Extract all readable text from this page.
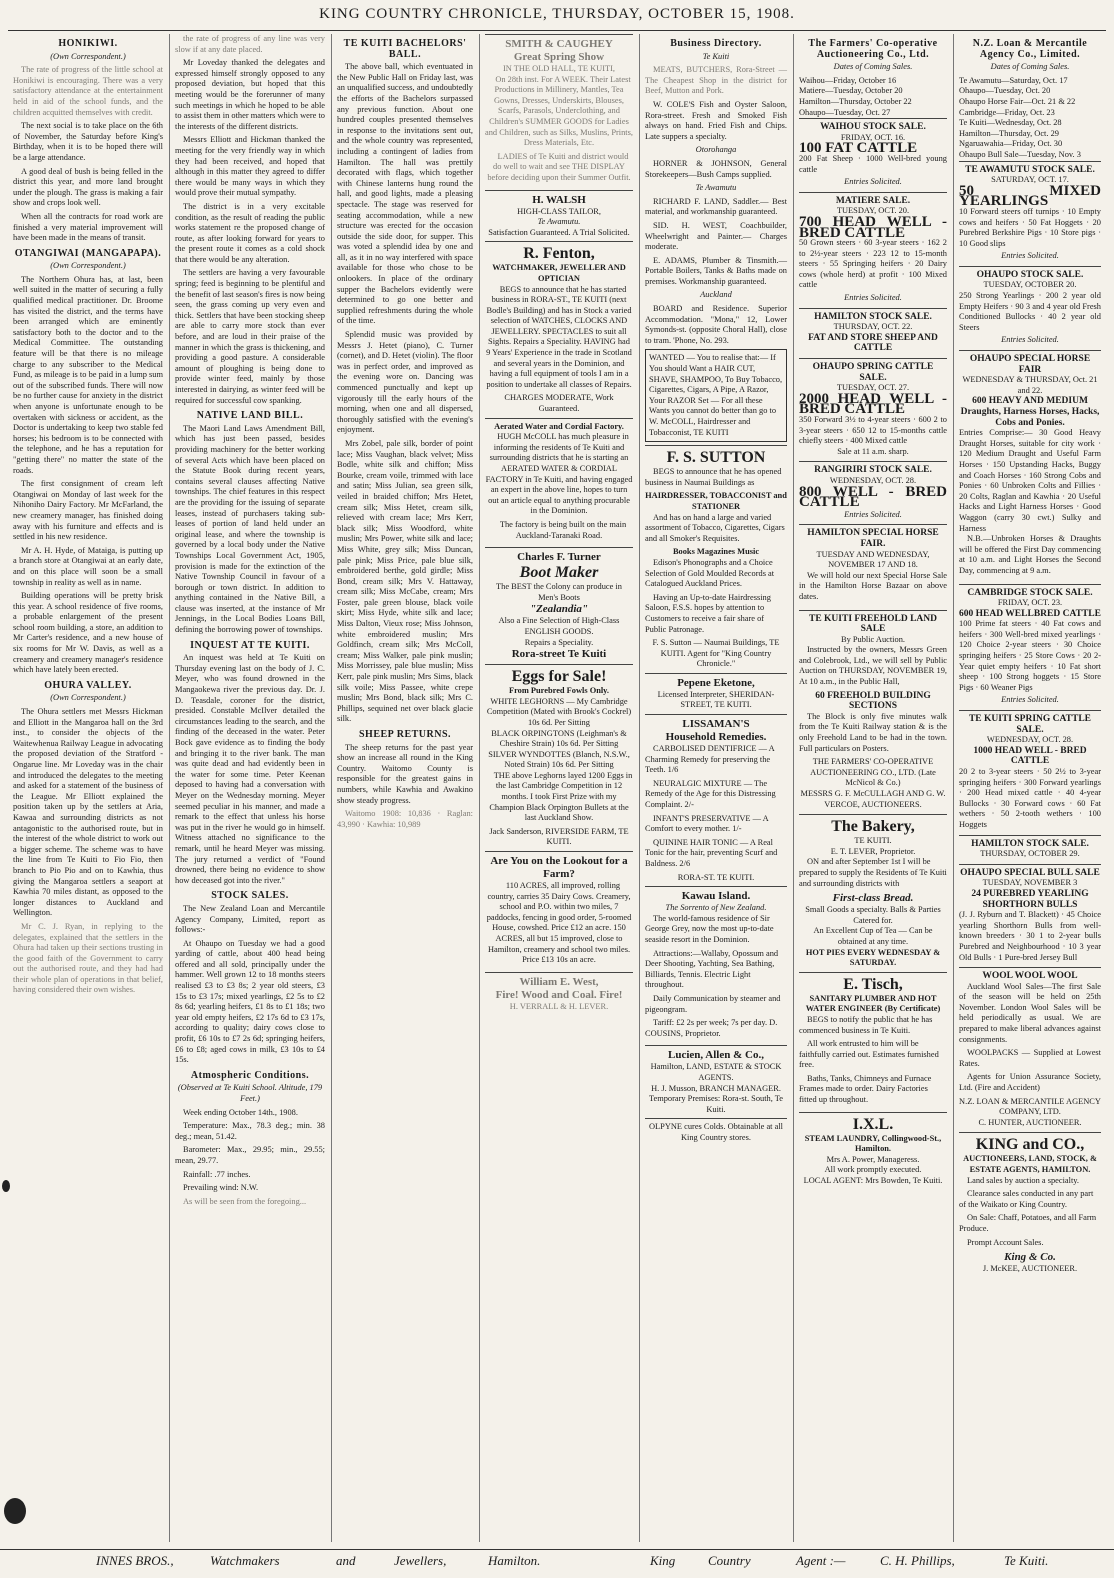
KING COUNTRY CHRONICLE, THURSDAY, OCTOBER 15, 1908.
HONIKIWI.
(Own Correspondent.)

The rate of progress of the little school at Honikiwi is encouraging. There was a very satisfactory attendance at the entertainment held in aid of the school funds, and the children acquitted themselves with credit.

The next social is to take place on the 6th of November, the Saturday before King's Birthday, when it is to be hoped there will be a large attendance.

A good deal of bush is being felled in the district this year, and more land brought under the plough. The grass is making a fair show and crops look well.

When all the contracts for road work are finished a very material improvement will have been made in the means of transit.

OTANGIWAI (MANGAPAPA).
(Own Correspondent.)

The Northern Ohura has, at last, been well suited in the matter of securing a fully qualified medical practitioner. Dr. Broome has visited the district, and the terms have been arranged which are eminently satisfactory both to the doctor and to the Medical Committee. The outstanding feature will be that there is no mileage charge to any subscriber to the Medical Fund, as mileage is to be paid in a lump sum out of the subscribed funds. There will now be no further cause for anxiety in the district when anyone is unfortunate enough to be overtaken with sickness or accident, as the Doctor is undertaking to keep two stable fed horses; his bedroom is to be connected with the telephone, and he has a reputation for "getting there" no matter the state of the roads.

The first consignment of cream left Otangiwai on Monday of last week for the Nihoniho Dairy Factory. Mr McFarland, the new creamery manager, has finished doing away with his furniture and effects and is settled in his new residence.

Mr A. H. Hyde, of Mataiga, is putting up a branch store at Otangiwai at an early date, and on this place will soon be a small township in reality as well as in name.

Building operations will be pretty brisk this year. A school residence of five rooms, a probable enlargement of the present school room building, a store, an addition to Mr Carter's residence, and a new house of six rooms for Mr W. Davis, as well as a creamery and creamery manager's residence which have lately been erected.

OHURA VALLEY.
(Own Correspondent.)

The Ohura settlers met Messrs Hickman and Elliott in the Mangaroa hall on the 3rd inst., to consider the objects of the Waitewhenua Railway League in advocating the proposed deviation of the Stratford - Ongarue line. Mr Loveday was in the chair and introduced the delegates to the meeting and asked for a statement of the business of the League. Mr Elliott explained the position taken up by the settlers at Aria, Kawaa and surrounding districts as not antagonistic to the authorised route, but in the interest of the whole district to work out a bigger scheme. The scheme was to have the line from Te Kuiti to Fio Fio, then branch to Pio Pio and on to Kawhia, thus giving the Mangaroa settlers a seaport at Kawhia 70 miles distant, as opposed to the longer distances to Auckland and Wellington.

Mr C. J. Ryan, in replying to the delegates, explained that the settlers in the Ohura had taken up their sections trusting in the good faith of the Government to carry out the authorised route, and they had had their whole plan of operations in that belief, having considered their own wishes.

the rate of progress of any line was very slow if at any date placed.

Mr Loveday thanked the delegates and expressed himself strongly opposed to any proposed deviation, but hoped that this meeting would be the forerunner of many such meetings in which he hoped to be able to assist them in other matters which were to the interests of the different districts.

Messrs Elliott and Hickman thanked the meeting for the very friendly way in which they had been received, and hoped that although in this matter they agreed to differ there would be many ways in which they would prove their mutual sympathy.

The district is in a very excitable condition, as the result of reading the public works statement re the proposed change of route, as after looking forward for years to the present route it comes as a cold shock that there would be any alteration.

The settlers are having a very favourable spring; feed is beginning to be plentiful and the benefit of last season's fires is now being seen, the grass coming up very even and thick. Settlers that have been stocking sheep are able to carry more stock than ever before, and are loud in their praise of the manner in which the grass is thickening, and providing a good pasture. A considerable amount of ploughing is being done to provide winter feed, mainly by those interested in dairying, as winter feed will be required for successful cow spanking.

NATIVE LAND BILL.

The Maori Land Laws Amendment Bill, which has just been passed, besides providing machinery for the better working of several Acts which have been placed on the Statute Book during recent years, contains several clauses affecting Native townships. The chief features in this respect are the providing for the issuing of separate leases, instead of purchasers taking sub-leases of portion of land held under an original lease, and where the township is governed by a local body under the Native Townships Local Government Act, 1905, provision is made for the extinction of the Native Township Council in favour of a borough or town district. In addition to anything contained in the Native Bill, a clause was inserted, at the instance of Mr Jennings, in the Local Bodies Loans Bill, defining the borrowing power of townships.

INQUEST AT TE KUITI.

An inquest was held at Te Kuiti on Thursday evening last on the body of J. C. Meyer, who was found drowned in the Mangaokewa river the previous day. Dr. J. D. Teasdale, coroner for the district, presided. Constable McIlver detailed the circumstances leading to the search, and the finding of the deceased in the water. Peter Bock gave evidence as to finding the body and bringing it to the river bank. The man was quite dead and had evidently been in the water for some time. Peter Keenan deposed to having had a conversation with Meyer on the Wednesday morning. Meyer seemed peculiar in his manner, and made a remark to the effect that unless his horse was put in the river he would go in himself. Witness attached no significance to the remark, until he heard Meyer was missing. The jury returned a verdict of "Found drowned, there being no evidence to show how deceased got into the river."

STOCK SALES.

The New Zealand Loan and Mercantile Agency Company, Limited, report as follows:-

At Ohaupo on Tuesday we had a good yarding of cattle, about 400 head being offered and all sold, principally under the hammer. Well grown 12 to 18 months steers realised £3 to £3 8s; 2 year old steers, £3 15s to £3 17s; mixed yearlings, £2 5s to £2 8s 6d; yearling heifers, £1 8s to £1 18s; two year old empty heifers, £2 17s 6d to £3 17s, according to quality; dairy cows close to profit, £6 10s to £7 2s 6d; springing heifers, £6 to £8; aged cows in milk, £3 10s to £4 15s.

Atmospheric Conditions.
(Observed at Te Kuiti School. Altitude, 179 Feet.)

Week ending October 14th., 1908.

Temperature: Max., 78.3 deg.; min. 38 deg.; mean, 51.42.

Barometer: Max., 29.95; min., 29.55; mean, 29.77.

Rainfall: .77 inches.

Prevailing wind: N.W.

As will be seen from the foregoing...

TE KUITI BACHELORS' BALL.

The above ball, which eventuated in the New Public Hall on Friday last, was an unqualified success, and undoubtedly the efforts of the Bachelors surpassed any previous function. About one hundred couples presented themselves in response to the invitations sent out, and the whole country was represented, including a contingent of ladies from Hamilton. The hall was prettily decorated with flags, which together with Chinese lanterns hung round the hall, and good lights, made a pleasing spectacle. The stage was reserved for seating accommodation, while a new structure was erected for the occasion outside the side door, for supper. This was voted a splendid idea by one and all, as it in no way interfered with space available for those who chose to be onlookers. In place of the ordinary supper the Bachelors evidently were determined to go one better and supplied refreshments during the whole of the time.

Splendid music was provided by Messrs J. Hetet (piano), C. Turner (cornet), and D. Hetet (violin). The floor was in perfect order, and improved as the evening wore on. Dancing was commenced punctually and kept up vigorously till the early hours of the morning, when one and all dispersed, thoroughly satisfied with the evening's enjoyment.

Mrs Zobel, pale silk, border of point lace; Miss Vaughan, black velvet; Miss Bodle, white silk and chiffon; Miss Bourke, cream voile, trimmed with lace and satin; Miss Julian, sea green silk, veiled in braided chiffon; Mrs Hetet, cream silk; Miss Hetet, cream silk, relieved with cream lace; Mrs Kerr, black silk; Miss Woodford, white muslin; Mrs Power, white silk and lace; Miss White, grey silk; Miss Duncan, pale pink; Miss Price, pale blue silk, embroidered berthe, gold girdle; Miss Bond, cream silk; Mrs V. Hattaway, cream silk; Miss McCabe, cream; Mrs Foster, pale green blouse, black voile skirt; Miss Hyde, white silk and lace; Miss Dalton, Vieux rose; Miss Johnson, white embroidered muslin; Mrs Goldfinch, cream silk; Mrs McColl, cream; Miss Walker, pale pink muslin; Miss Morrissey, pale blue muslin; Miss Kerr, pale pink muslin; Mrs Sims, black silk voile; Miss Passee, white crepe muslin; Mrs Bond, black silk; Mrs C. Phillips, sequined net over black glacie silk.

SHEEP RETURNS.

The sheep returns for the past year show an increase all round in the King Country. Waitomo County is responsible for the greatest gains in numbers, while Kawhia and Awakino show steady progress.

Waitomo 1908: 10,836 · Raglan: 43,990 · Kawhia: 10,989

SMITH & CAUGHEY
Great Spring Show
IN THE OLD HALL, TE KUITI,

On 28th inst. For A WEEK. Their Latest Productions in Millinery, Mantles, Tea Gowns, Dresses, Underskirts, Blouses, Scarfs, Parasols, Underclothing, and Children's SUMMER GOODS for Ladies and Children, such as Silks, Muslins, Prints, Dress Materials, Etc.

LADIES of Te Kuiti and district would do well to wait and see THE DISPLAY before deciding upon their Summer Outfit.

H. WALSH
HIGH-CLASS TAILOR,
Te Awamutu.
Satisfaction Guaranteed. A Trial Solicited.
R. Fenton,
WATCHMAKER, JEWELLER AND OPTICIAN

BEGS to announce that he has started business in RORA-ST., TE KUITI (next Bodle's Building) and has in Stock a varied selection of WATCHES, CLOCKS AND JEWELLERY. SPECTACLES to suit all Sights. Repairs a Speciality. HAVING had 9 Years' Experience in the trade in Scotland and several years in the Dominion, and having a full equipment of tools I am in a position to undertake all classes of Repairs.

CHARGES MODERATE, Work Guaranteed.
Aerated Water and Cordial Factory.

HUGH McCOLL has much pleasure in informing the residents of Te Kuiti and surrounding districts that he is starting an AERATED WATER & CORDIAL FACTORY in Te Kuiti, and having engaged an expert in the above line, hopes to turn out an article equal to anything procurable in the Dominion.

The factory is being built on the main Auckland-Taranaki Road.

Charles F. Turner
Boot Maker
The BEST the Colony can produce in Men's Boots
"Zealandia"
Also a Fine Selection of High-Class ENGLISH GOODS.
Repairs a Speciality.
Rora-street Te Kuiti
Eggs for Sale!
From Purebred Fowls Only.
WHITE LEGHORNS — My Cambridge Competition (Mated with Brook's Cockrel) 10s 6d. Per Sitting
BLACK ORPINGTONS (Leighman's & Cheshire Strain) 10s 6d. Per Sitting
SILVER WYNDOTTES (Blanch, N.S.W., Noted Strain) 10s 6d. Per Sitting

THE above Leghorns layed 1200 Eggs in the last Cambridge Competition in 12 months. I took First Prize with my Champion Black Orpington Bullets at the last Auckland Show.

Jack Sanderson, RIVERSIDE FARM, TE KUITI.
Are You on the Lookout for a Farm?

110 ACRES, all improved, rolling country, carries 35 Dairy Cows. Creamery, school and P.O. within two miles, 7 paddocks, fencing in good order, 5-roomed House, cowshed. Price £12 an acre. 150 ACRES, all but 15 improved, close to Hamilton, creamery and school two miles. Price £13 10s an acre.

William E. West,
Fire! Wood and Coal. Fire!
H. VERRALL & H. LEVER.
Business Directory.
Te Kuiti

MEATS, BUTCHERS, Rora-Street — The Cheapest Shop in the district for Beef, Mutton and Pork.

W. COLE'S Fish and Oyster Saloon, Rora-street. Fresh and Smoked Fish always on hand. Fried Fish and Chips. Late suppers a specialty.

Otorohanga

HORNER & JOHNSON, General Storekeepers—Bush Camps supplied.

Te Awamutu

RICHARD F. LAND, Saddler.— Best material, and workmanship guaranteed.

SID. H. WEST, Coachbuilder, Wheelwright and Painter.— Charges moderate.

E. ADAMS, Plumber & Tinsmith.— Portable Boilers, Tanks & Baths made on premises. Workmanship guaranteed.

Auckland

BOARD and Residence. Superior Accommodation. "Mona," 12, Lower Symonds-st. (opposite Choral Hall), close to tram. 'Phone, No. 293.

WANTED — You to realise that:— If You should Want a HAIR CUT, SHAVE, SHAMPOO, To Buy Tobacco, Cigarettes, Cigars, A Pipe, A Razor, Your RAZOR Set — For all these Wants you cannot do better than go to W. McCOLL, Hairdresser and Tobacconist, TE KUITI
F. S. SUTTON

BEGS to announce that he has opened business in Naumai Buildings as

HAIRDRESSER, TOBACCONIST and STATIONER

And has on hand a large and varied assortment of Tobacco, Cigarettes, Cigars and all Smoker's Requisites.

Books Magazines Music

Edison's Phonographs and a Choice Selection of Gold Moulded Records at Catalogued Auckland Prices.

Having an Up-to-date Hairdressing Saloon, F.S.S. hopes by attention to Customers to receive a fair share of Public Patronage.

F. S. Sutton — Naumai Buildings, TE KUITI. Agent for "King Country Chronicle."
Pepene Eketone,
Licensed Interpreter, SHERIDAN-STREET, TE KUITI.
LISSAMAN'S
Household Remedies.

CARBOLISED DENTIFRICE — A Charming Remedy for preserving the Teeth. 1/6

NEURALGIC MIXTURE — The Remedy of the Age for this Distressing Complaint. 2/-

INFANT'S PRESERVATIVE — A Comfort to every mother. 1/-

QUININE HAIR TONIC — A Real Tonic for the hair, preventing Scurf and Baldness. 2/6

RORA-ST. TE KUITI.
Kawau Island.
The Sorrento of New Zealand.

The world-famous residence of Sir George Grey, now the most up-to-date seaside resort in the Dominion.

Attractions:—Wallaby, Opossum and Deer Shooting, Yachting, Sea Bathing, Billiards, Tennis. Electric Light throughout.

Daily Communication by steamer and pigeongram.

Tariff: £2 2s per week; 7s per day. D. COUSINS, Proprietor.

Lucien, Allen & Co.,
Hamilton, LAND, ESTATE & STOCK AGENTS.
H. J. Musson, BRANCH MANAGER. Temporary Premises: Rora-st. South, Te Kuiti.
OLPYNE cures Colds. Obtainable at all King Country stores.
The Farmers' Co-operative Auctioneering Co., Ltd.
Dates of Coming Sales.
Waihou—Friday, October 16
Matiere—Tuesday, October 20
Hamilton—Thursday, October 22
Ohaupo—Tuesday, Oct. 27
WAIHOU STOCK SALE.
FRIDAY, OCT. 16.
100 FAT CATTLE
200 Fat Sheep · 1000 Well-bred young cattle
Entries Solicited.
MATIERE SALE.
TUESDAY, OCT. 20.
700 HEAD WELL - BRED CATTLE
50 Grown steers · 60 3-year steers · 162 2 to 2½-year steers · 223 12 to 15-month steers · 55 Springing heifers · 20 Dairy cows (whole herd) at profit · 100 Mixed cattle
Entries Solicited.
HAMILTON STOCK SALE.
THURSDAY, OCT. 22.
FAT AND STORE SHEEP AND CATTLE
OHAUPO SPRING CATTLE SALE.
TUESDAY, OCT. 27.
2000 HEAD WELL - BRED CATTLE
350 Forward 3½ to 4-year steers · 600 2 to 3-year steers · 650 12 to 15-months cattle chiefly steers · 400 Mixed cattle
Sale at 11 a.m. sharp.
RANGIRIRI STOCK SALE.
WEDNESDAY, OCT. 28.
800 WELL - BRED CATTLE
Entries Solicited.
HAMILTON SPECIAL HORSE FAIR.
TUESDAY AND WEDNESDAY, NOVEMBER 17 AND 18.

We will hold our next Special Horse Sale in the Hamilton Horse Bazaar on above dates.

TE KUITI FREEHOLD LAND SALE
By Public Auction.

Instructed by the owners, Messrs Green and Colebrook, Ltd., we will sell by Public Auction on THURSDAY, NOVEMBER 19, At 10 a.m., in the Public Hall,

60 FREEHOLD BUILDING SECTIONS

The Block is only five minutes walk from the Te Kuiti Railway station & is the only Freehold Land to be had in the town. Full particulars on Posters.

THE FARMERS' CO-OPERATIVE AUCTIONEERING CO., LTD. (Late McNicol & Co.)
MESSRS G. F. McCULLAGH AND G. W. VERCOE, AUCTIONEERS.
The Bakery,
TE KUITI.
E. T. LEVER, Proprietor.

ON and after September 1st I will be prepared to supply the Residents of Te Kuiti and surrounding districts with

First-class Bread.
Small Goods a specialty. Balls & Parties Catered for.
An Excellent Cup of Tea — Can be obtained at any time.
HOT PIES EVERY WEDNESDAY & SATURDAY.
E. Tisch,
SANITARY PLUMBER AND HOT WATER ENGINEER (By Certificate)

BEGS to notify the public that he has commenced business in Te Kuiti.

All work entrusted to him will be faithfully carried out. Estimates furnished free.

Baths, Tanks, Chimneys and Furnace Frames made to order. Dairy Factories fitted up throughout.

I.X.L.
STEAM LAUNDRY, Collingwood-St., Hamilton.
Mrs A. Power, Manageress.
All work promptly executed.
LOCAL AGENT: Mrs Bowden, Te Kuiti.
N.Z. Loan & Mercantile Agency Co., Limited.
Dates of Coming Sales.
Te Awamutu—Saturday, Oct. 17
Ohaupo—Tuesday, Oct. 20
Ohaupo Horse Fair—Oct. 21 & 22
Cambridge—Friday, Oct. 23
Te Kuiti—Wednesday, Oct. 28
Hamilton—Thursday, Oct. 29
Ngaruawahia—Friday, Oct. 30
Ohaupo Bull Sale—Tuesday, Nov. 3
TE AWAMUTU STOCK SALE.
SATURDAY, OCT. 17.
50 MIXED YEARLINGS
10 Forward steers off turnips · 10 Empty cows and heifers · 50 Fat Hoggets · 20 Purebred Berkshire Pigs · 10 Store pigs · 10 Good slips
Entries Solicited.
OHAUPO STOCK SALE.
TUESDAY, OCTOBER 20.
250 Strong Yearlings · 200 2 year old Empty Heifers · 90 3 and 4 year old Fresh Conditioned Bullocks · 40 2 year old Steers
Entries Solicited.
OHAUPO SPECIAL HORSE FAIR
WEDNESDAY & THURSDAY, Oct. 21 and 22.
600 HEAVY AND MEDIUM Draughts, Harness Horses, Hacks, Cobs and Ponies.
Entries Comprise:— 30 Good Heavy Draught Horses, suitable for city work · 120 Medium Draught and Useful Farm Horses · 150 Upstanding Hacks, Buggy and Coach Horses · 160 Strong Cobs and Ponies · 60 Unbroken Colts and Fillies · 20 Colts, Raglan and Kawhia · 20 Useful Hacks and Light Harness Horses · Good Waggon (carry 30 cwt.) Sulky and Harness

N.B.—Unbroken Horses & Draughts will be offered the First Day commencing at 10 a.m. and Light Horses the Second Day, commencing at 9 a.m.

CAMBRIDGE STOCK SALE.
FRIDAY, OCT. 23.
600 HEAD WELLBRED CATTLE
100 Prime fat steers · 40 Fat cows and heifers · 300 Well-bred mixed yearlings · 120 Choice 2-year steers · 30 Choice springing heifers · 25 Store Cows · 20 2-Year quiet empty heifers · 10 Fat short sheep · 100 Strong hoggets · 15 Store Pigs · 60 Weaner Pigs
Entries Solicited.
TE KUITI SPRING CATTLE SALE.
WEDNESDAY, OCT. 28.
1000 HEAD WELL - BRED CATTLE
20 2 to 3-year steers · 50 2½ to 3-year springing heifers · 300 Forward yearlings · 200 Head mixed cattle · 40 4-year Bullocks · 30 Forward cows · 60 Fat wethers · 50 2-tooth wethers · 100 Hoggets
HAMILTON STOCK SALE.
THURSDAY, OCTOBER 29.
OHAUPO SPECIAL BULL SALE
TUESDAY, NOVEMBER 3
24 PUREBRED YEARLING SHORTHORN BULLS
(J. J. Ryburn and T. Blackett) · 45 Choice yearling Shorthorn Bulls from well-known breeders · 30 1 to 2-year bulls Purebred and Neighbourhood · 10 3 year Old Bulls · 1 Pure-bred Jersey Bull
WOOL WOOL WOOL

Auckland Wool Sales—The first Sale of the season will be held on 25th November. London Wool Sales will be held periodically as usual. We are prepared to make liberal advances against consignments.

WOOLPACKS — Supplied at Lowest Rates.

Agents for Union Assurance Society, Ltd. (Fire and Accident)

N.Z. LOAN & MERCANTILE AGENCY COMPANY, LTD.
C. HUNTER, AUCTIONEER.
KING and CO.,
AUCTIONEERS, LAND, STOCK, & ESTATE AGENTS, HAMILTON.

Land sales by auction a specialty.

Clearance sales conducted in any part of the Waikato or King Country.

On Sale: Chaff, Potatoes, and all Farm Produce.

Prompt Account Sales.

King & Co.
J. McKEE, AUCTIONEER.
INNES BROS.,	Watchmakers	and	Jewellers,	Hamilton.	King	Country	Agent :—	C. H. Phillips,	Te Kuiti.
